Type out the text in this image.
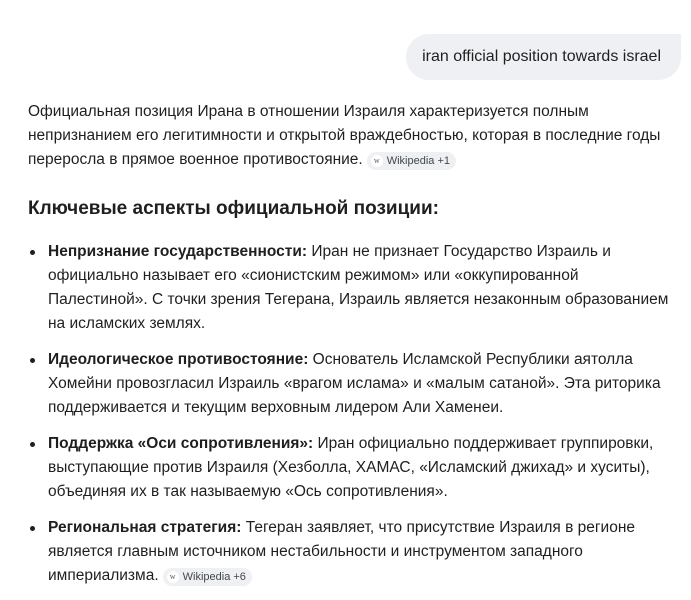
iran official position towards israel

Официальная позиция Ирана в отношении Израиля характеризуется полным непризнанием его легитимности и открытой враждебностью, которая в последние годы переросла в прямое военное противостояние.	w Wikipedia +1

Ключевые аспекты официальной позиции:
Непризнание государственности: Иран не признает Государство Израиль и официально называет его «сионистским режимом» или «оккупированной Палестиной». С точки зрения Тегерана, Израиль является незаконным образованием на исламских землях.
Идеологическое противостояние: Основатель Исламской Республики аятолла Хомейни провозгласил Израиль «врагом ислама» и «малым сатаной». Эта риторика поддерживается и текущим верховным лидером Али Хаменеи.
Поддержка «Оси сопротивления»: Иран официально поддерживает группировки, выступающие против Израиля (Хезболла, ХАМАС, «Исламский джихад» и хуситы), объединяя их в так называемую «Ось сопротивления».
Региональная стратегия: Тегеран заявляет, что присутствие Израиля в регионе является главным источником нестабильности и инструментом западного империализма.	w Wikipedia +6
